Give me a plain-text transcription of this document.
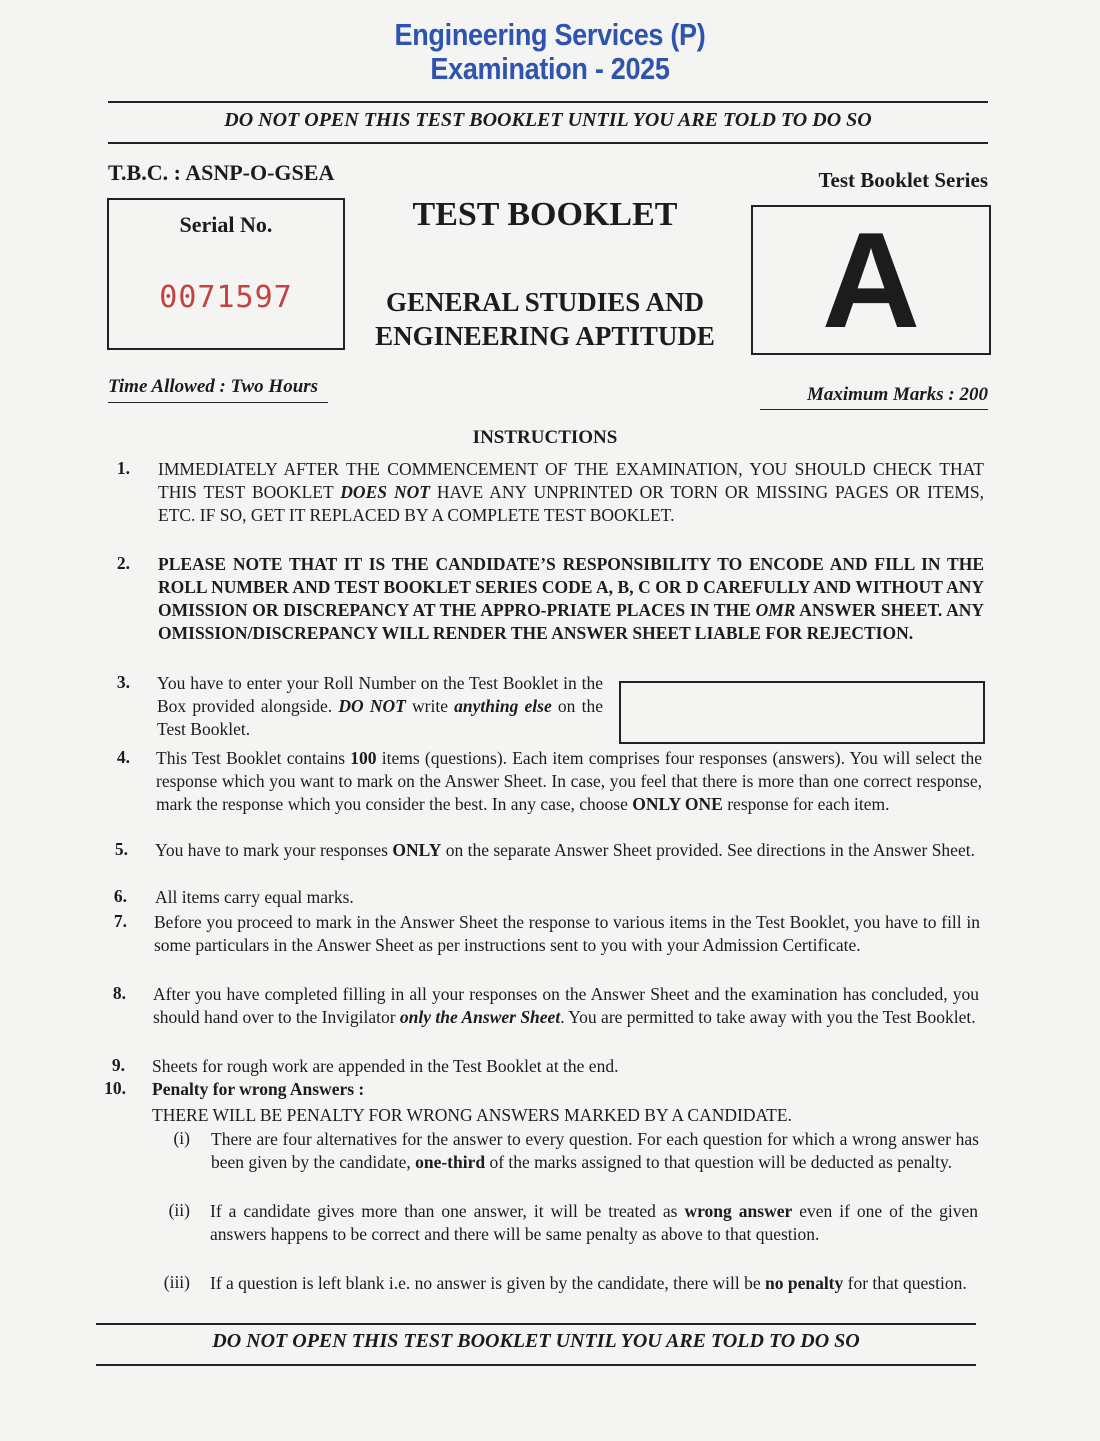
Engineering Services (P)
Examination - 2025
DO NOT OPEN THIS TEST BOOKLET UNTIL YOU ARE TOLD TO DO SO
T.B.C. : ASNP-O-GSEA	Test Booklet Series
Serial No.
0071597
TEST BOOKLET
GENERAL STUDIES AND
ENGINEERING APTITUDE A
Time Allowed : Two Hours	Maximum Marks : 200
INSTRUCTIONS
1. IMMEDIATELY AFTER THE COMMENCEMENT OF THE EXAMINATION, YOU SHOULD CHECK THAT THIS TEST BOOKLET DOES NOT HAVE ANY UNPRINTED OR TORN OR MISSING PAGES OR ITEMS, ETC. IF SO, GET IT REPLACED BY A COMPLETE TEST BOOKLET.
2. PLEASE NOTE THAT IT IS THE CANDIDATE’S RESPONSIBILITY TO ENCODE AND FILL IN THE ROLL NUMBER AND TEST BOOKLET SERIES CODE A, B, C OR D CAREFULLY AND WITHOUT ANY OMISSION OR DISCREPANCY AT THE APPRO-PRIATE PLACES IN THE OMR ANSWER SHEET. ANY OMISSION/DISCREPANCY WILL RENDER THE ANSWER SHEET LIABLE FOR REJECTION.
3. You have to enter your Roll Number on the Test Booklet in the Box provided alongside. DO NOT write anything else on the Test Booklet.
4. This Test Booklet contains 100 items (questions). Each item comprises four responses (answers). You will select the response which you want to mark on the Answer Sheet. In case, you feel that there is more than one correct response, mark the response which you consider the best. In any case, choose ONLY ONE response for each item.
5. You have to mark your responses ONLY on the separate Answer Sheet provided. See directions in the Answer Sheet.
6. All items carry equal marks.
7. Before you proceed to mark in the Answer Sheet the response to various items in the Test Booklet, you have to fill in some particulars in the Answer Sheet as per instructions sent to you with your Admission Certificate.
8. After you have completed filling in all your responses on the Answer Sheet and the examination has concluded, you should hand over to the Invigilator only the Answer Sheet. You are permitted to take away with you the Test Booklet.
9. Sheets for rough work are appended in the Test Booklet at the end.
10. Penalty for wrong Answers :
THERE WILL BE PENALTY FOR WRONG ANSWERS MARKED BY A CANDIDATE.
(i) There are four alternatives for the answer to every question. For each question for which a wrong answer has been given by the candidate, one-third of the marks assigned to that question will be deducted as penalty.
(ii) If a candidate gives more than one answer, it will be treated as wrong answer even if one of the given answers happens to be correct and there will be same penalty as above to that question.
(iii) If a question is left blank i.e. no answer is given by the candidate, there will be no penalty for that question.
DO NOT OPEN THIS TEST BOOKLET UNTIL YOU ARE TOLD TO DO SO
